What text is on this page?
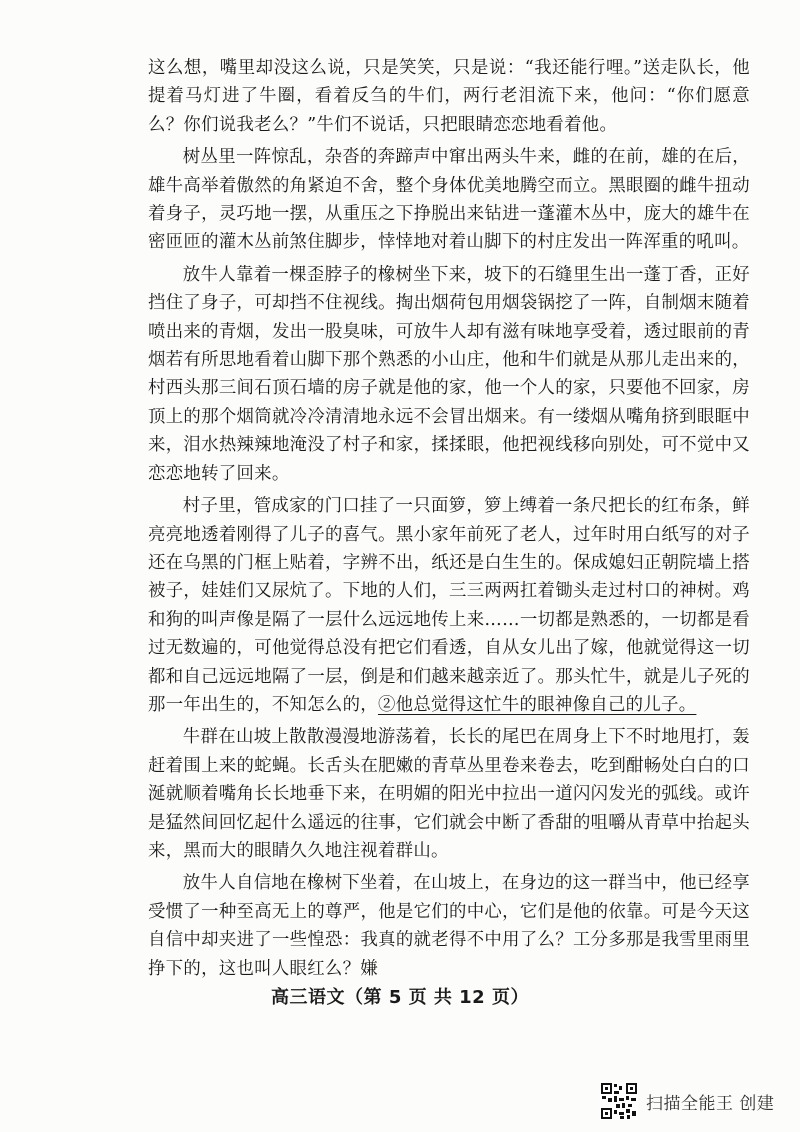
这么想，嘴里却没这么说，只是笑笑，只是说：“我还能行哩。”送走队长，他提着马灯进了牛圈，看着反刍的牛们，两行老泪流下来，他问：“你们愿意么？你们说我老么？”牛们不说话，只把眼睛恋恋地看着他。

树丛里一阵惊乱，杂沓的奔蹄声中窜出两头牛来，雌的在前，雄的在后，雄牛高举着傲然的角紧迫不舍，整个身体优美地腾空而立。黑眼圈的雌牛扭动着身子，灵巧地一摆，从重压之下挣脱出来钻进一蓬灌木丛中，庞大的雄牛在密匝匝的灌木丛前煞住脚步，悻悻地对着山脚下的村庄发出一阵浑重的吼叫。

放牛人靠着一棵歪脖子的橡树坐下来，坡下的石缝里生出一蓬丁香，正好挡住了身子，可却挡不住视线。掏出烟荷包用烟袋锅挖了一阵，自制烟末随着喷出来的青烟，发出一股臭味，可放牛人却有滋有味地享受着，透过眼前的青烟若有所思地看着山脚下那个熟悉的小山庄，他和牛们就是从那儿走出来的，村西头那三间石顶石墙的房子就是他的家，他一个人的家，只要他不回家，房顶上的那个烟筒就冷冷清清地永远不会冒出烟来。有一缕烟从嘴角挤到眼眶中来，泪水热辣辣地淹没了村子和家，揉揉眼，他把视线移向别处，可不觉中又恋恋地转了回来。

村子里，管成家的门口挂了一只面箩，箩上缚着一条尺把长的红布条，鲜亮亮地透着刚得了儿子的喜气。黑小家年前死了老人，过年时用白纸写的对子还在乌黑的门框上贴着，字辨不出，纸还是白生生的。保成媳妇正朝院墙上搭被子，娃娃们又尿炕了。下地的人们，三三两两扛着锄头走过村口的神树。鸡和狗的叫声像是隔了一层什么远远地传上来……一切都是熟悉的，一切都是看过无数遍的，可他觉得总没有把它们看透，自从女儿出了嫁，他就觉得这一切都和自己远远地隔了一层，倒是和们越来越亲近了。那头忙牛，就是儿子死的那一年出生的，不知怎么的，②他总觉得这忙牛的眼神像自己的儿子。

牛群在山坡上散散漫漫地游荡着，长长的尾巴在周身上下不时地甩打，轰赶着围上来的蛇蝇。长舌头在肥嫩的青草丛里卷来卷去，吃到酣畅处白白的口涎就顺着嘴角长长地垂下来，在明媚的阳光中拉出一道闪闪发光的弧线。或许是猛然间回忆起什么遥远的往事，它们就会中断了香甜的咀嚼从青草中抬起头来，黑而大的眼睛久久地注视着群山。

放牛人自信地在橡树下坐着，在山坡上，在身边的这一群当中，他已经享受惯了一种至高无上的尊严，他是它们的中心，它们是他的依靠。可是今天这自信中却夹进了一些惶恐：我真的就老得不中用了么？工分多那是我雪里雨里挣下的，这也叫人眼红么？嫌

高三语文（第 5 页 共 12 页）
扫描全能王 创建
